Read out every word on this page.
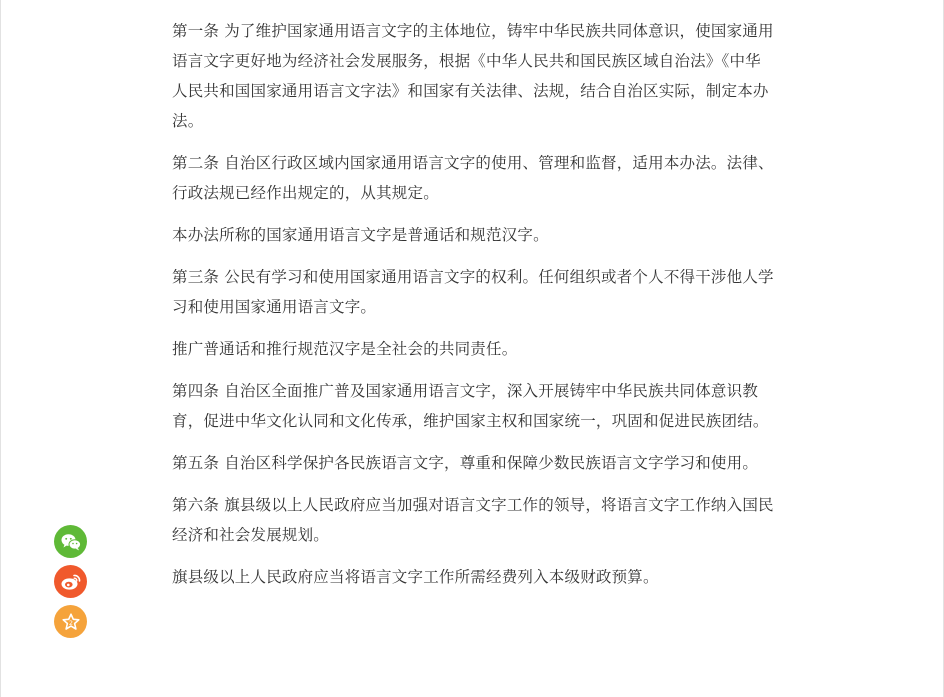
第一条 为了维护国家通用语言文字的主体地位，铸牢中华民族共同体意识，使国家通用语言文字更好地为经济社会发展服务，根据《中华人民共和国民族区域自治法》《中华人民共和国国家通用语言文字法》和国家有关法律、法规，结合自治区实际，制定本办法。

第二条 自治区行政区域内国家通用语言文字的使用、管理和监督，适用本办法。法律、行政法规已经作出规定的，从其规定。

本办法所称的国家通用语言文字是普通话和规范汉字。

第三条 公民有学习和使用国家通用语言文字的权利。任何组织或者个人不得干涉他人学习和使用国家通用语言文字。

推广普通话和推行规范汉字是全社会的共同责任。

第四条 自治区全面推广普及国家通用语言文字，深入开展铸牢中华民族共同体意识教育，促进中华文化认同和文化传承，维护国家主权和国家统一，巩固和促进民族团结。

第五条 自治区科学保护各民族语言文字，尊重和保障少数民族语言文字学习和使用。

第六条 旗县级以上人民政府应当加强对语言文字工作的领导，将语言文字工作纳入国民经济和社会发展规划。

旗县级以上人民政府应当将语言文字工作所需经费列入本级财政预算。

2
